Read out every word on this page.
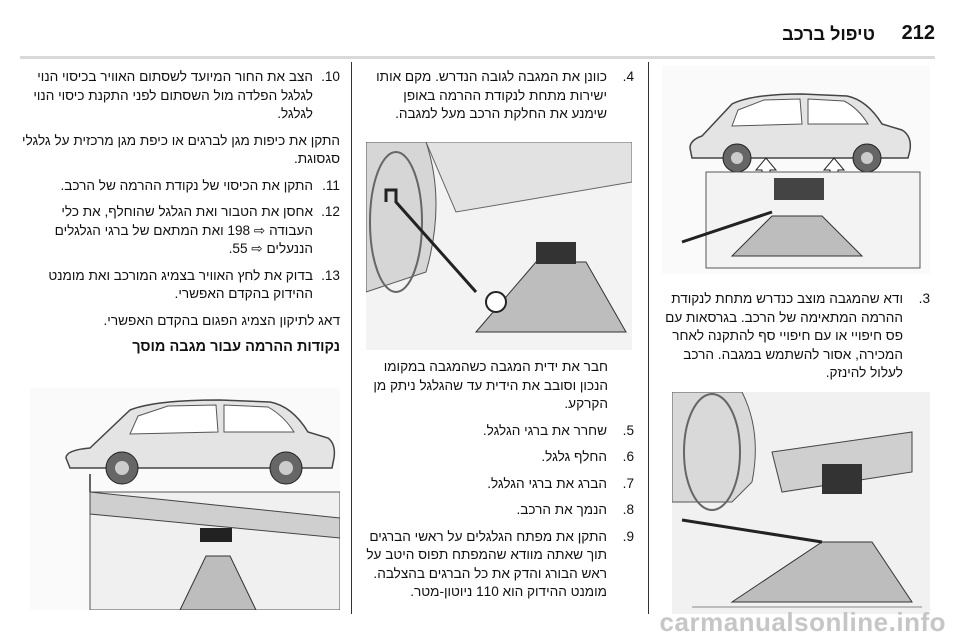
212
טיפול ברכב
3.
ודא שהמגבה מוצב כנדרש מתחת לנקודת ההרמה המתאימה של הרכב. בגרסאות עם פס חיפויי או עם חיפויי סף להתקנה לאחר המכירה, אסור להשתמש במגבה. הרכב לעלול להינזק.
4.
כוונן את המגבה לגובה הנדרש. מקם אותו ישירות מתחת לנקודת ההרמה באופן שימנע את החלקת הרכב מעל למגבה.
חבר את ידית המגבה כשהמגבה במקומו הנכון וסובב את הידית עד שהגלגל ניתק מן הקרקע.
5.
שחרר את ברגי הגלגל.
6.
החלף גלגל.
7.
הברג את ברגי הגלגל.
8.
הנמך את הרכב.
9.
התקן את מפתח הגלגלים על ראשי הברגים תוך שאתה מוודא שהמפתח תפוס היטב על ראש הבורג והדק את כל הברגים בהצלבה. מומנט ההידוק הוא 110 ניוטון-מטר.
10.
הצב את החור המיועד לשסתום האוויר בכיסוי הנוי לגלגל הפלדה מול השסתום לפני התקנת כיסוי הנוי לגלגל.
התקן את כיפות מגן לברגים או כיפת מגן מרכזית על גלגלי סגסוגת.
11.
התקן את הכיסוי של נקודת ההרמה של הרכב.
12.
אחסן את הטבור ואת הגלגל שהוחלף, את כלי העבודה ⇨ 198 ואת המתאם של ברגי הגלגלים הננעלים ⇨ 55.
13.
בדוק את לחץ האוויר בצמיג המורכב ואת מומנט ההידוק בהקדם האפשרי.
דאג לתיקון הצמיג הפגום בהקדם האפשרי.
נקודות ההרמה עבור מגבה מוסך
carmanualsonline.info
